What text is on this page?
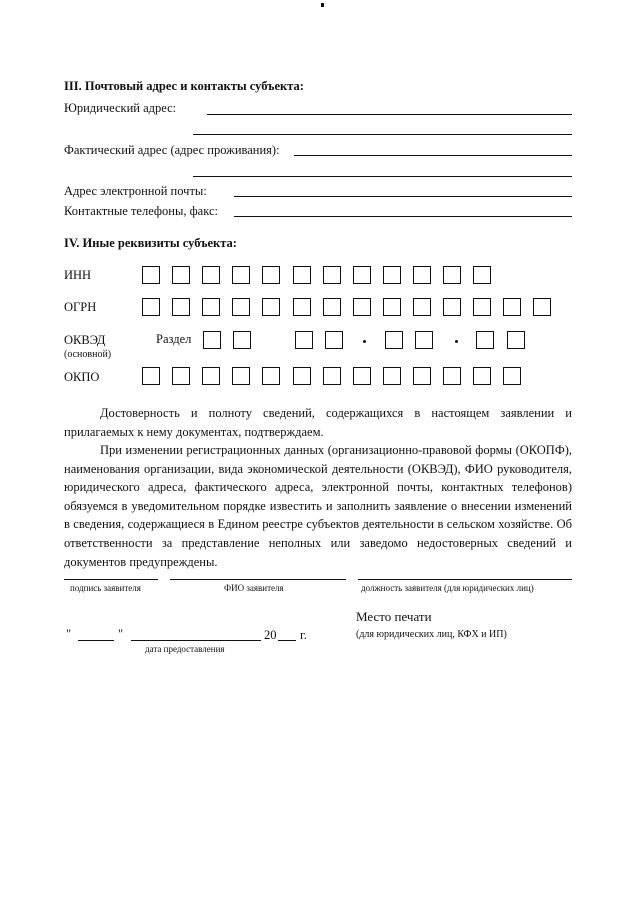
III. Почтовый адрес и контакты субъекта:
Юридический адрес:
Фактический адрес (адрес проживания):
Адрес электронной почты:
Контактные телефоны, факс:
IV. Иные реквизиты субъекта:
ИНН
ОГРН
ОКВЭД
(основной)
Раздел
ОКПО
Достоверность и полноту сведений, содержащихся в настоящем заявлении и прилагаемых к нему документах, подтверждаем.
При изменении регистрационных данных (организационно-правовой формы (ОКОПФ), наименования организации, вида экономической деятельности (ОКВЭД), ФИО руководителя, юридического адреса, фактического адреса, электронной почты, контактных телефонов) обязуемся в уведомительном порядке известить и заполнить заявление о внесении изменений в сведения, содержащиеся в Едином реестре субъектов деятельности в сельском хозяйстве. Об ответственности за представление неполных или заведомо недостоверных сведений и документов предупреждены.
подпись заявителя	ФИО заявителя	должность заявителя (для юридических лиц)
Место печати
(для юридических лиц, КФХ и ИП)
"	"	20 г.
дата предоставления
